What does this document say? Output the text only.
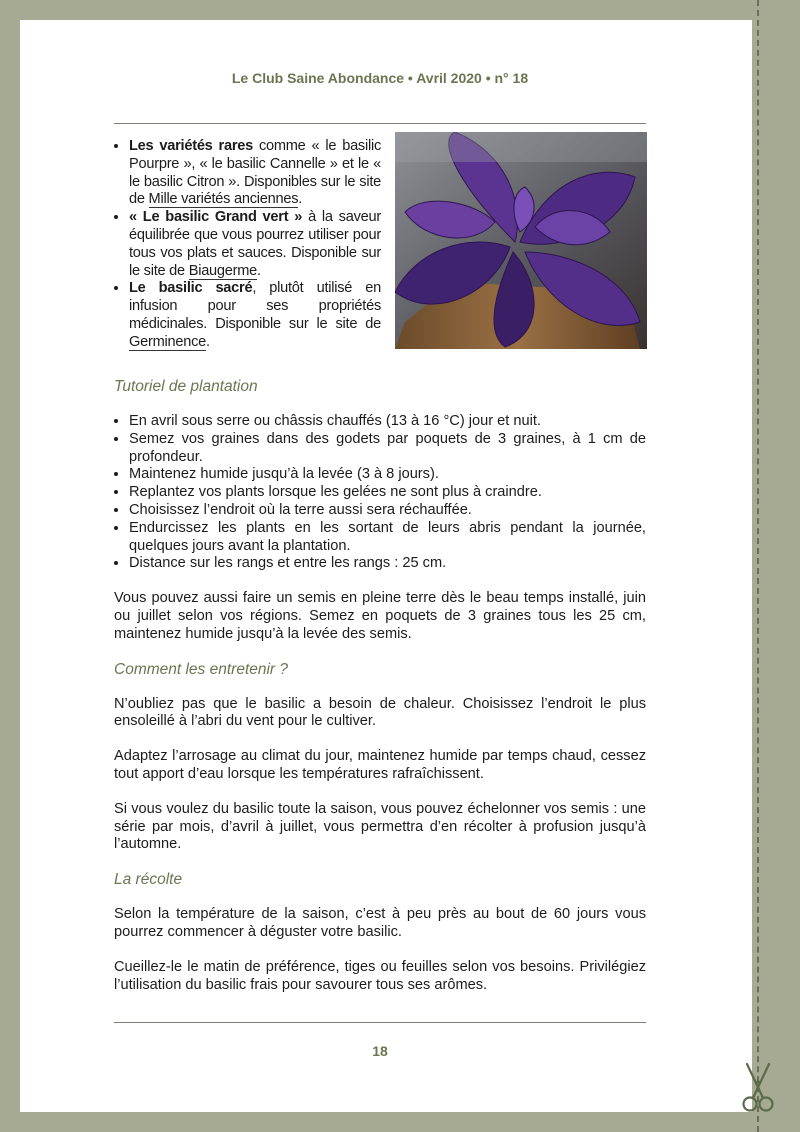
Le Club Saine Abondance • Avril 2020 • n° 18
• Les variétés rares comme « le basilic Pourpre », « le basilic Cannelle » et le « le basilic Citron ». Disponibles sur le site de Mille variétés anciennes.
• « Le basilic Grand vert » à la saveur équilibrée que vous pourrez utiliser pour tous vos plats et sauces. Disponible sur le site de Biaugerme.
• Le basilic sacré, plutôt utilisé en infusion pour ses propriétés médicinales. Disponible sur le site de Germinence.
Tutoriel de plantation
• En avril sous serre ou châssis chauffés (13 à 16 °C) jour et nuit.
• Semez vos graines dans des godets par poquets de 3 graines, à 1 cm de profondeur.
• Maintenez humide jusqu’à la levée (3 à 8 jours).
• Replantez vos plants lorsque les gelées ne sont plus à craindre.
• Choisissez l’endroit où la terre aussi sera réchauffée.
• Endurcissez les plants en les sortant de leurs abris pendant la journée, quelques jours avant la plantation.
• Distance sur les rangs et entre les rangs : 25 cm.

Vous pouvez aussi faire un semis en pleine terre dès le beau temps installé, juin ou juillet selon vos régions. Semez en poquets de 3 graines tous les 25 cm, maintenez humide jusqu’à la levée des semis.

Comment les entretenir ?

N’oubliez pas que le basilic a besoin de chaleur. Choisissez l’endroit le plus ensoleillé à l’abri du vent pour le cultiver.

Adaptez l’arrosage au climat du jour, maintenez humide par temps chaud, cessez tout apport d’eau lorsque les températures rafraîchissent.

Si vous voulez du basilic toute la saison, vous pouvez échelonner vos semis : une série par mois, d’avril à juillet, vous permettra d’en récolter à profusion jusqu’à l’automne.

La récolte

Selon la température de la saison, c’est à peu près au bout de 60 jours vous pourrez commencer à déguster votre basilic.

Cueillez-le le matin de préférence, tiges ou feuilles selon vos besoins. Privilégiez l’utilisation du basilic frais pour savourer tous ses arômes.

18
